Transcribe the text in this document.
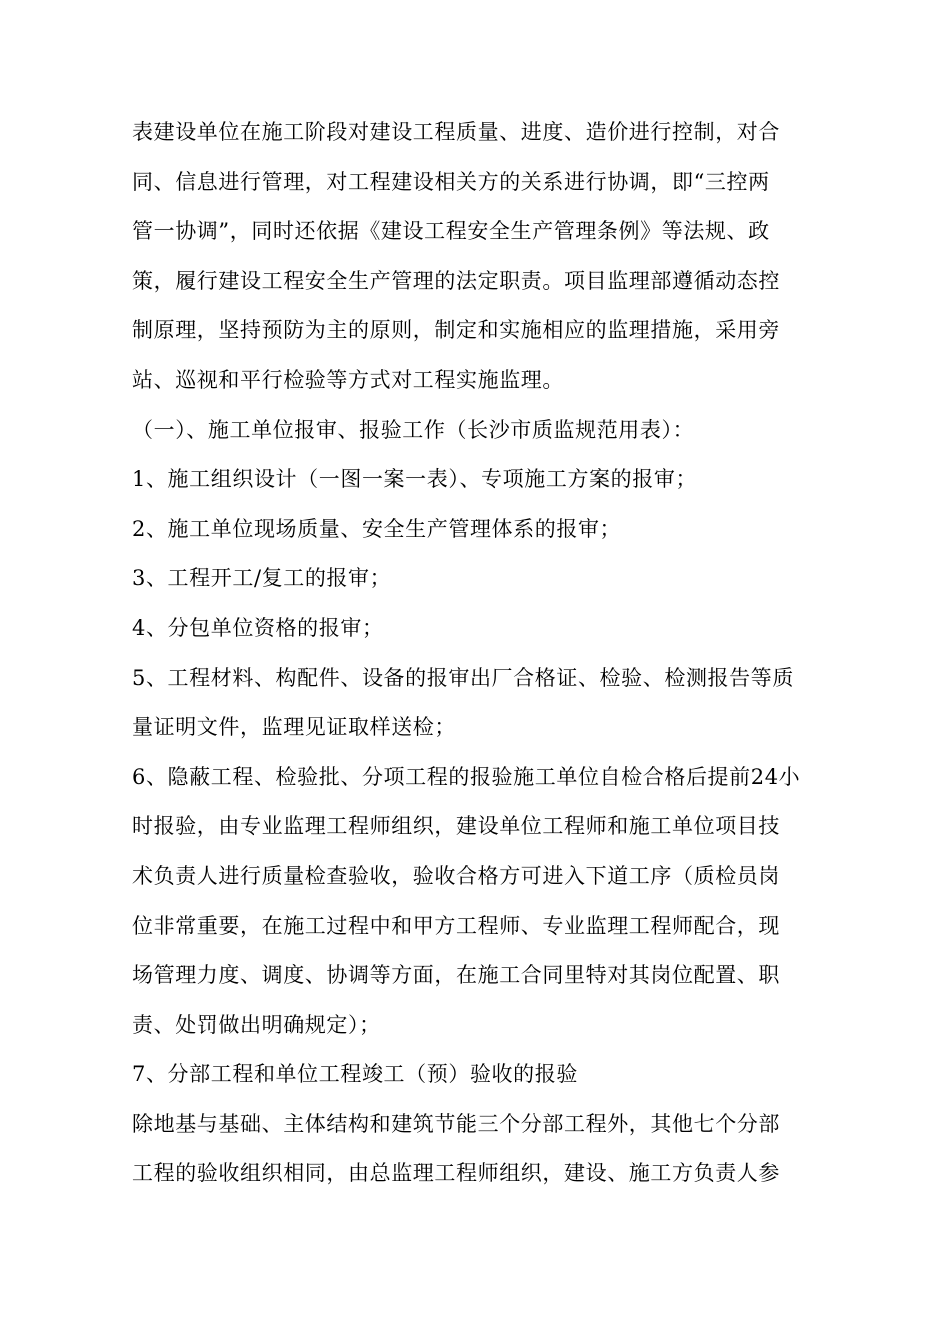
表建设单位在施工阶段对建设工程质量、进度、造价进行控制，对合
同、信息进行管理，对工程建设相关方的关系进行协调，即“三控两
管一协调”，同时还依据《建设工程安全生产管理条例》等法规、政
策，履行建设工程安全生产管理的法定职责。项目监理部遵循动态控
制原理，坚持预防为主的原则，制定和实施相应的监理措施，采用旁
站、巡视和平行检验等方式对工程实施监理。
（一）、施工单位报审、报验工作（长沙市质监规范用表）：
1、施工组织设计（一图一案一表）、专项施工方案的报审；
2、施工单位现场质量、安全生产管理体系的报审；
3、工程开工/复工的报审；
4、分包单位资格的报审；
5、工程材料、构配件、设备的报审出厂合格证、检验、检测报告等质
量证明文件，监理见证取样送检；
6、隐蔽工程、检验批、分项工程的报验施工单位自检合格后提前24小
时报验，由专业监理工程师组织，建设单位工程师和施工单位项目技
术负责人进行质量检查验收，验收合格方可进入下道工序（质检员岗
位非常重要，在施工过程中和甲方工程师、专业监理工程师配合，现
场管理力度、调度、协调等方面，在施工合同里特对其岗位配置、职
责、处罚做出明确规定）；
7、分部工程和单位工程竣工（预）验收的报验
除地基与基础、主体结构和建筑节能三个分部工程外，其他七个分部
工程的验收组织相同，由总监理工程师组织，建设、施工方负责人参
